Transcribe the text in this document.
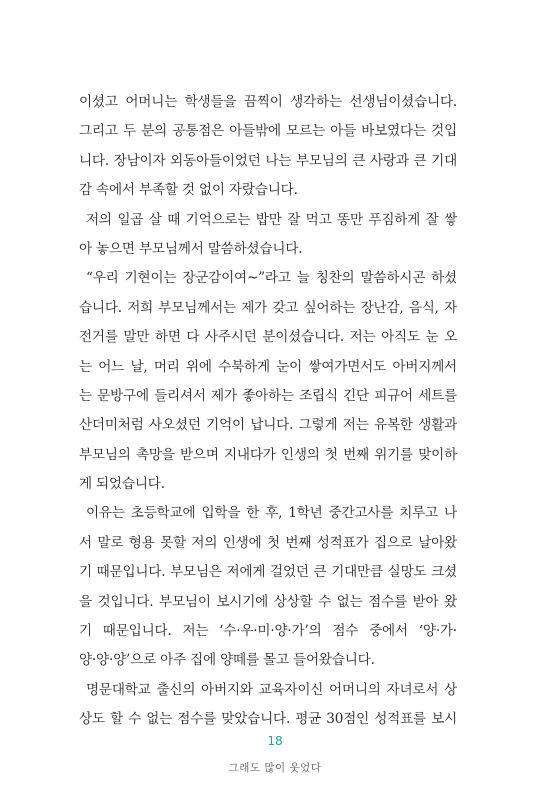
이셨고 어머니는 학생들을 끔찍이 생각하는 선생님이셨습니다.
그리고 두 분의 공통점은 아들밖에 모르는 아들 바보였다는 것입
니다. 장남이자 외동아들이었던 나는 부모님의 큰 사랑과 큰 기대
감 속에서 부족할 것 없이 자랐습니다.
저의 일곱 살 때 기억으로는 밥만 잘 먹고 똥만 푸짐하게 잘 쌓
아 놓으면 부모님께서 말씀하셨습니다.
“우리 기현이는 장군감이여~”라고 늘 칭찬의 말씀하시곤 하셨
습니다. 저희 부모님께서는 제가 갖고 싶어하는 장난감, 음식, 자
전거를 말만 하면 다 사주시던 분이셨습니다. 저는 아직도 눈 오
는 어느 날, 머리 위에 수북하게 눈이 쌓여가면서도 아버지께서
는 문방구에 들리셔서 제가 좋아하는 조립식 긴단 피규어 세트를
산더미처럼 사오셨던 기억이 납니다. 그렇게 저는 유복한 생활과
부모님의 촉망을 받으며 지내다가 인생의 첫 번째 위기를 맞이하
게 되었습니다.
이유는 초등학교에 입학을 한 후, 1학년 중간고사를 치루고 나
서 말로 형용 못할 저의 인생에 첫 번째 성적표가 집으로 날아왔
기 때문입니다. 부모님은 저에게 걸었던 큰 기대만큼 실망도 크셨
을 것입니다. 부모님이 보시기에 상상할 수 없는 점수를 받아 왔
기 때문입니다. 저는 ‘수·우·미·양·가’의 점수 중에서 ‘양·가·
양·양·양’으로 아주 집에 양떼를 몰고 들어왔습니다.
명문대학교 출신의 아버지와 교육자이신 어머니의 자녀로서 상
상도 할 수 없는 점수를 맞았습니다. 평균 30점인 성적표를 보시
18
그래도 많이 웃었다
